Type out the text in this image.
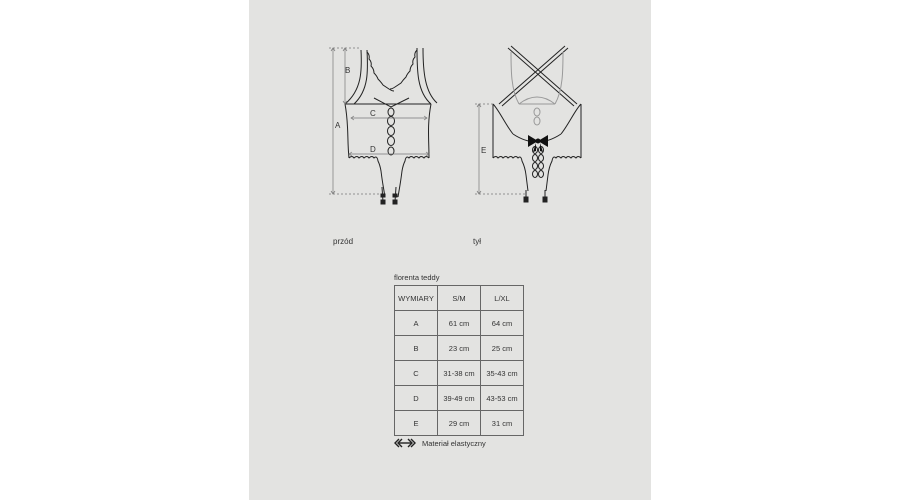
A
B
C
D	E
przód	tył
florenta teddy
WYMIARY	S/M	L/XL
A	61 cm	64 cm
B	23 cm	25 cm
C	31-38 cm	35-43 cm
D	39-49 cm	43-53 cm
E	29 cm	31 cm
Materiał elastyczny
